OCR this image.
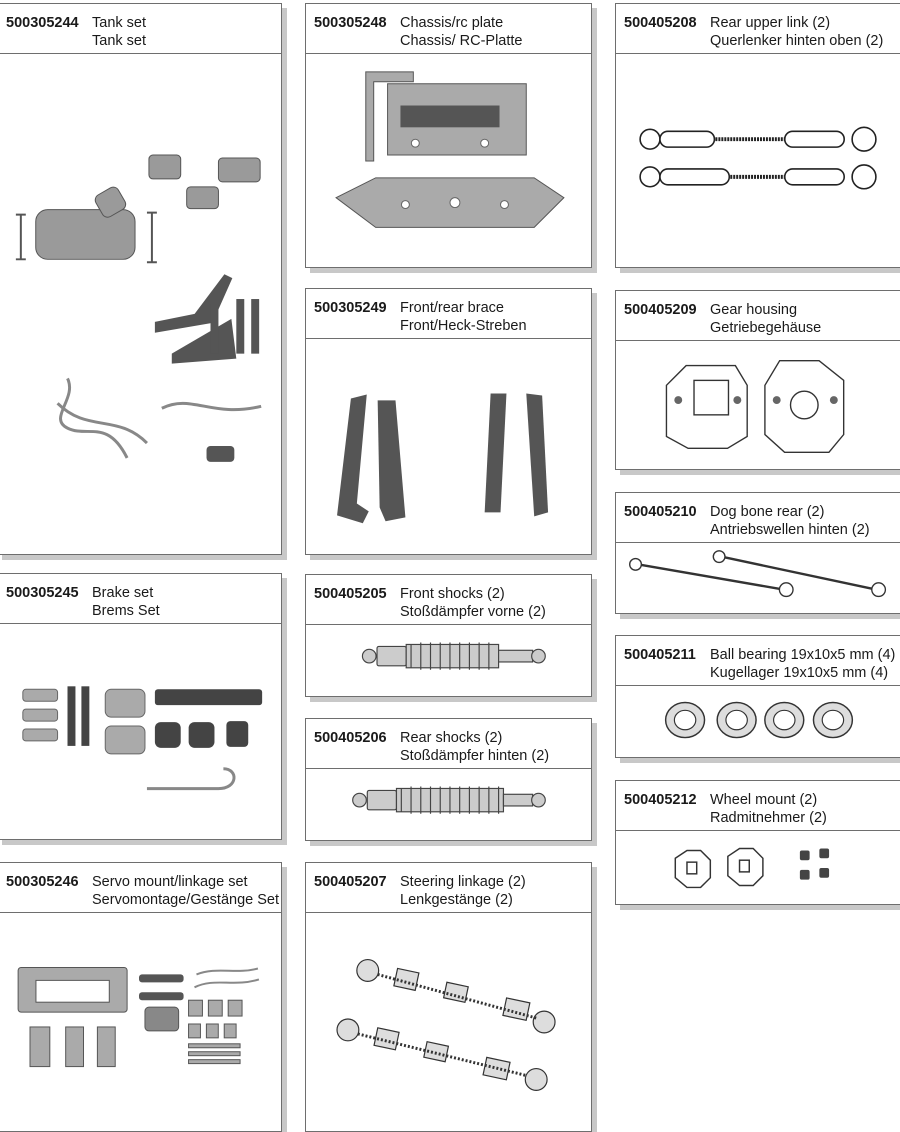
500305244 Tank set
Tank set
500305245 Brake set
Brems Set
500305246 Servo mount/linkage set
Servomontage/Gestänge Set
500305248 Chassis/rc plate
Chassis/ RC-Platte
500305249 Front/rear brace
Front/Heck-Streben
500405205 Front shocks (2)
Stoßdämpfer vorne (2)
500405206 Rear shocks (2)
Stoßdämpfer hinten (2)
500405207 Steering linkage (2)
Lenkgestänge (2)
500405208 Rear upper link (2)
Querlenker hinten oben (2)
500405209 Gear housing
Getriebegehäuse
500405210 Dog bone rear (2)
Antriebswellen hinten (2)
500405211 Ball bearing 19x10x5 mm (4)
Kugellager 19x10x5 mm (4)
500405212 Wheel mount (2)
Radmitnehmer (2)
